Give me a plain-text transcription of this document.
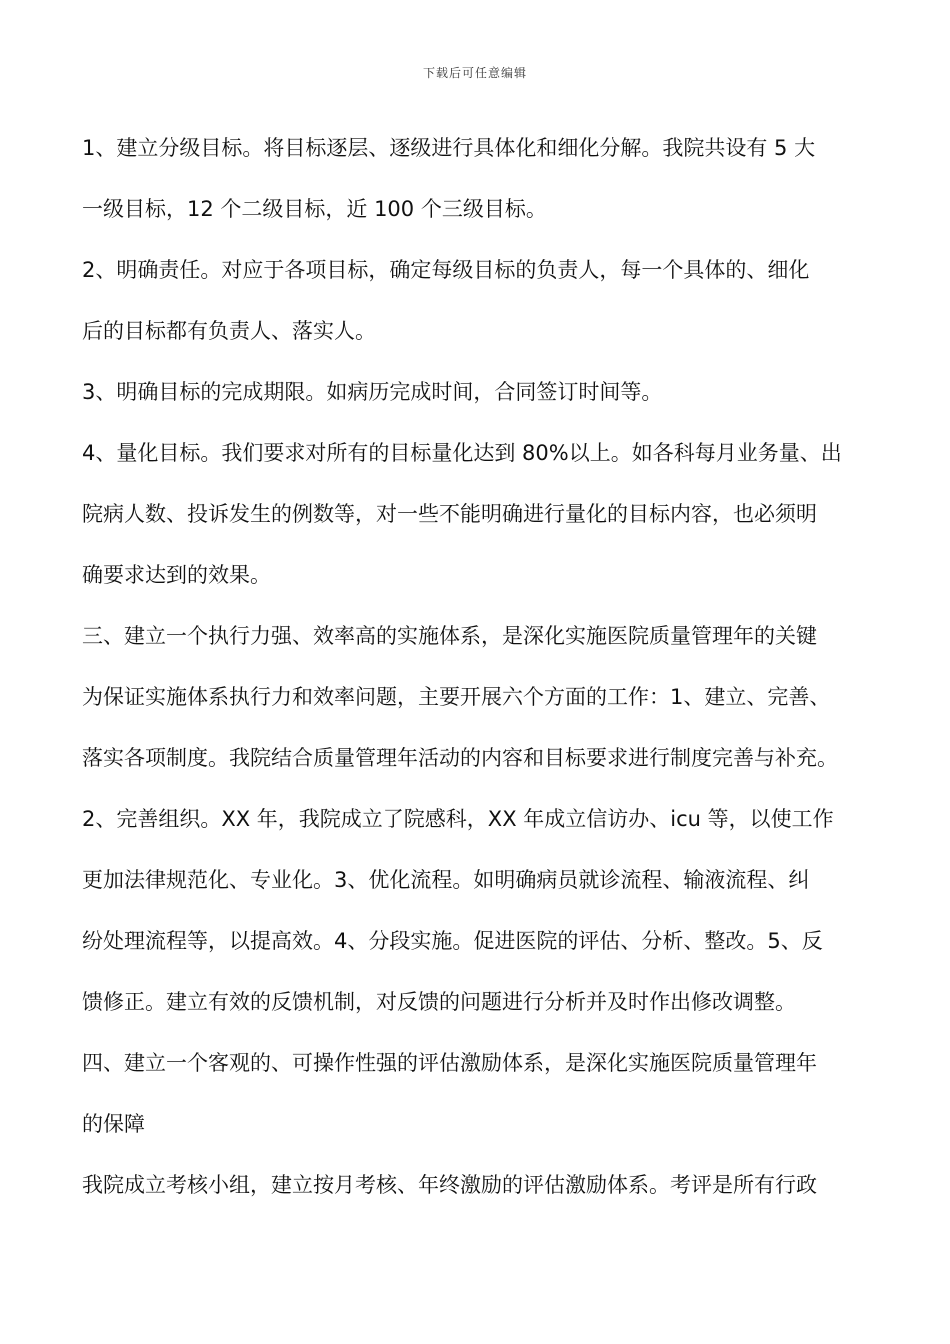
下载后可任意编辑
1、建立分级目标。将目标逐层、逐级进行具体化和细化分解。我院共设有 5 大
一级目标，12 个二级目标，近 100 个三级目标。
2、明确责任。对应于各项目标，确定每级目标的负责人，每一个具体的、细化
后的目标都有负责人、落实人。
3、明确目标的完成期限。如病历完成时间，合同签订时间等。
4、量化目标。我们要求对所有的目标量化达到 80%以上。如各科每月业务量、出
院病人数、投诉发生的例数等，对一些不能明确进行量化的目标内容，也必须明
确要求达到的效果。
三、建立一个执行力强、效率高的实施体系，是深化实施医院质量管理年的关键
为保证实施体系执行力和效率问题，主要开展六个方面的工作：1、建立、完善、
落实各项制度。我院结合质量管理年活动的内容和目标要求进行制度完善与补充。
2、完善组织。XX 年，我院成立了院感科，XX 年成立信访办、icu 等，以使工作
更加法律规范化、专业化。3、优化流程。如明确病员就诊流程、输液流程、纠
纷处理流程等，以提高效。4、分段实施。促进医院的评估、分析、整改。5、反
馈修正。建立有效的反馈机制，对反馈的问题进行分析并及时作出修改调整。
四、建立一个客观的、可操作性强的评估激励体系，是深化实施医院质量管理年
的保障
我院成立考核小组，建立按月考核、年终激励的评估激励体系。考评是所有行政
